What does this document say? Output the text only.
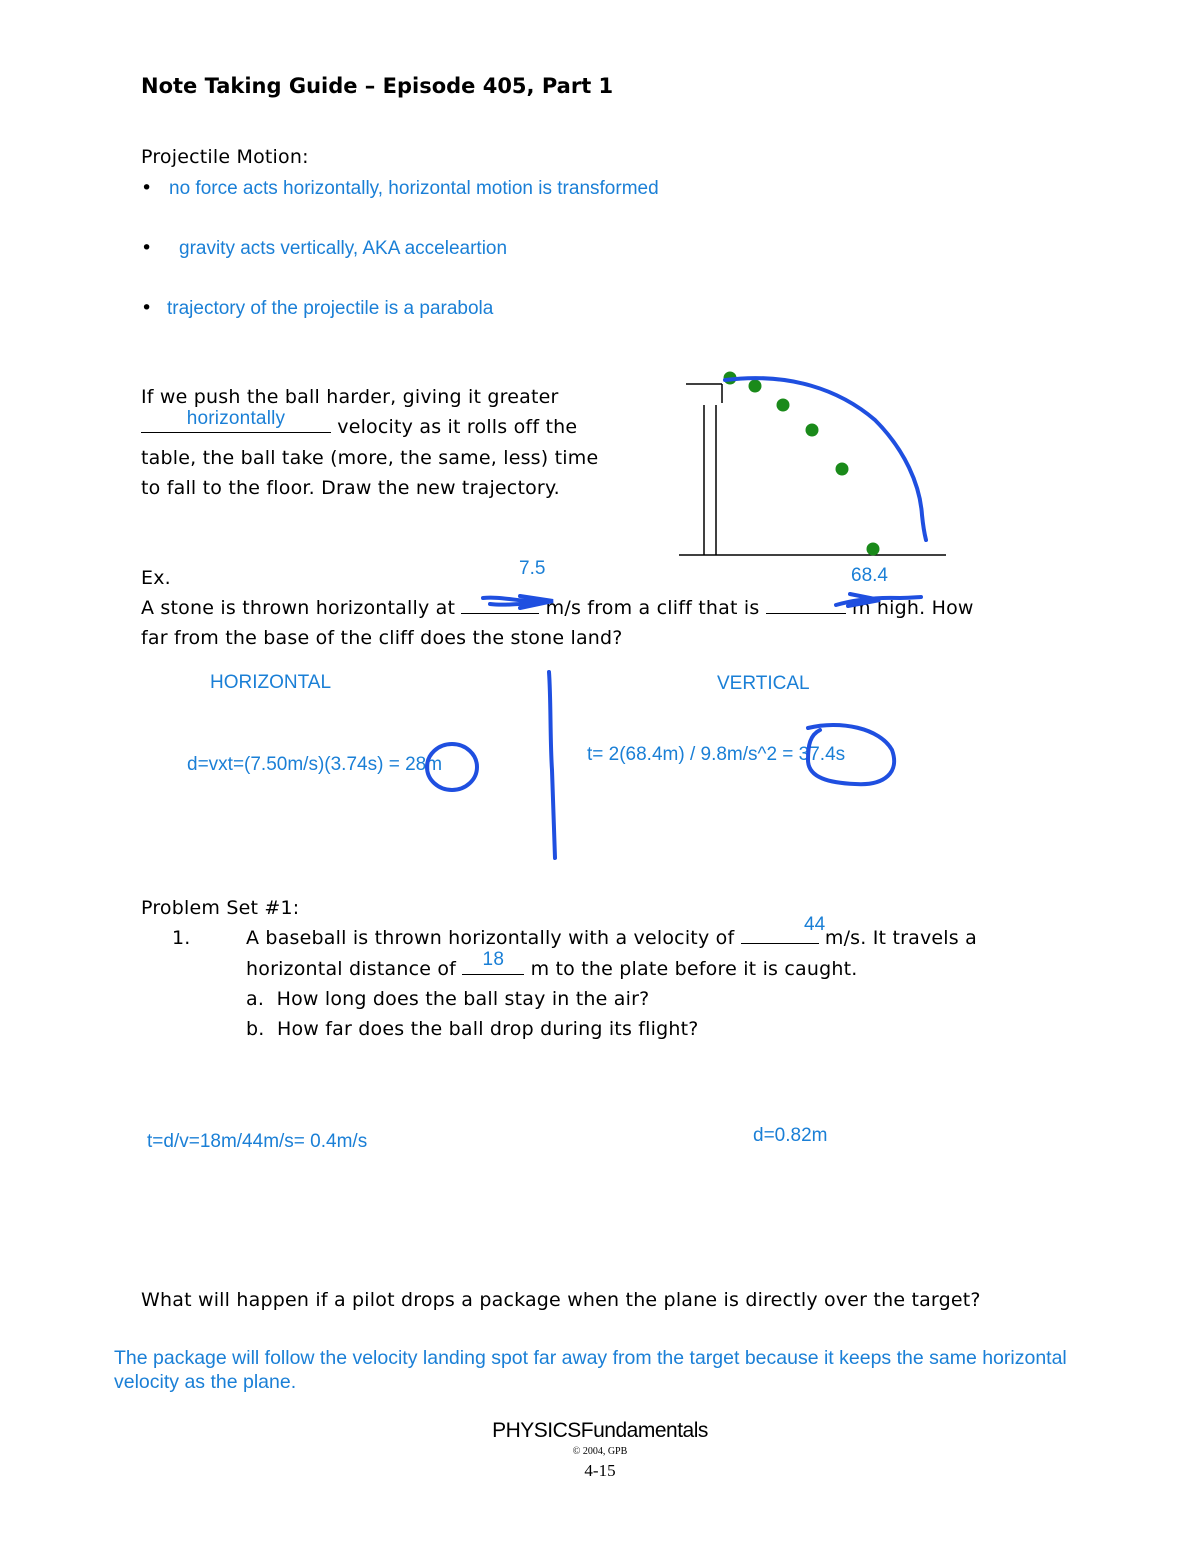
Note Taking Guide – Episode 405, Part 1
Projectile Motion:
• no force acts horizontally, horizontal motion is transformed
• gravity acts vertically, AKA acceleartion
• trajectory of the projectile is a parabola
If we push the ball harder, giving it greater
horizontally	velocity as it rolls off the
table, the ball take (more, the same, less) time
to fall to the floor. Draw the new trajectory.
Ex.	7.5	68.4
A stone is thrown horizontally at	m/s from a cliff that is	m high. How
far from the base of the cliff does the stone land?
HORIZONTAL	VERTICAL
d=vxt=(7.50m/s)(3.74s) = 28m	t= 2(68.4m) / 9.8m/s^2 = 37.4s
Problem Set #1:
44
1.	A baseball is thrown horizontally with a velocity of	m/s. It travels a
horizontal distance of	18	m to the plate before it is caught.
a. How long does the ball stay in the air?
b. How far does the ball drop during its flight?
t=d/v=18m/44m/s= 0.4m/s	d=0.82m
What will happen if a pilot drops a package when the plane is directly over the target?
The package will follow the velocity landing spot far away from the target because it keeps the same horizontal
velocity as the plane.
PHYSICSFundamentals
© 2004, GPB
4-15
